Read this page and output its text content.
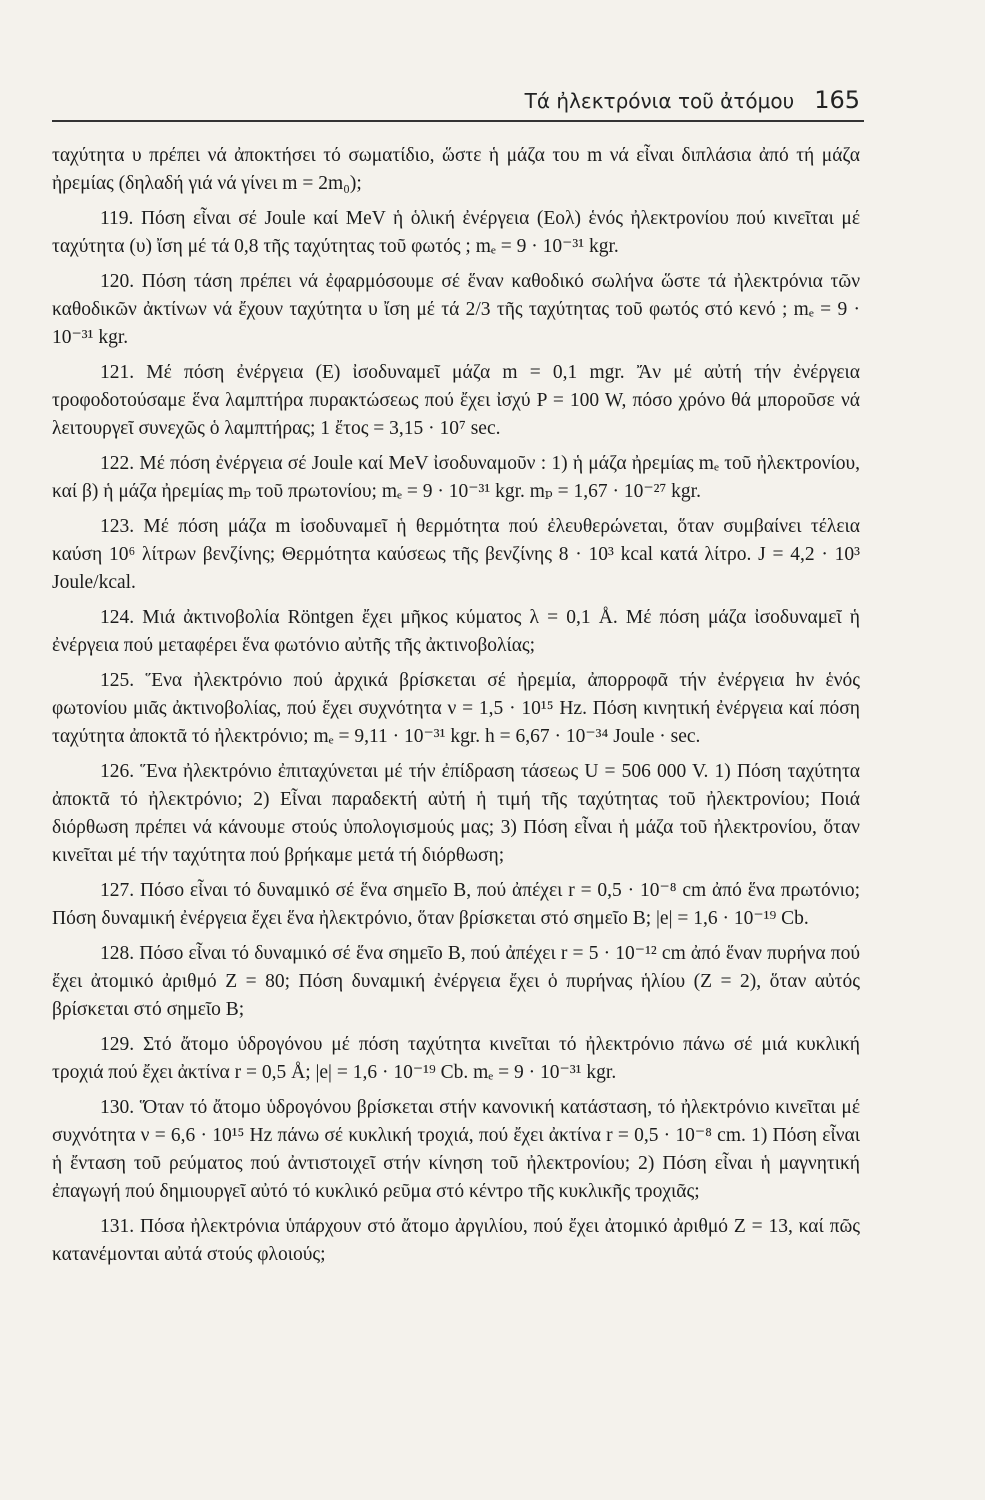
Τά ἠλεκτρόνια τοῦ ἀτόμου 165

ταχύτητα υ πρέπει νά ἀποκτήσει τό σωματίδιο, ὥστε ἡ μάζα του m νά εἶναι διπλάσια ἀπό τή μάζα ἠρεμίας (δηλαδή γιά νά γίνει m = 2m₀);

119. Πόση εἶναι σέ Joule καί MeV ἡ ὁλική ἐνέργεια (Eολ) ἑνός ἠλεκτρονίου πού κινεῖται μέ ταχύτητα (υ) ἴση μέ τά 0,8 τῆς ταχύτητας τοῦ φωτός ; mₑ = 9 · 10⁻³¹ kgr.

120. Πόση τάση πρέπει νά ἐφαρμόσουμε σέ ἕναν καθοδικό σωλήνα ὥστε τά ἠλεκτρόνια τῶν καθοδικῶν ἀκτίνων νά ἔχουν ταχύτητα υ ἴση μέ τά 2/3 τῆς ταχύτητας τοῦ φωτός στό κενό ; mₑ = 9 · 10⁻³¹ kgr.

121. Μέ πόση ἐνέργεια (E) ἰσοδυναμεῖ μάζα m = 0,1 mgr. Ἄν μέ αὐτή τήν ἐνέργεια τροφοδοτούσαμε ἕνα λαμπτήρα πυρακτώσεως πού ἔχει ἰσχύ P = 100 W, πόσο χρόνο θά μποροῦσε νά λειτουργεῖ συνεχῶς ὁ λαμπτήρας; 1 ἔτος = 3,15 · 10⁷ sec.

122. Μέ πόση ἐνέργεια σέ Joule καί MeV ἰσοδυναμοῦν : 1) ἡ μάζα ἠρεμίας mₑ τοῦ ἠλεκτρονίου, καί β) ἡ μάζα ἠρεμίας mₚ τοῦ πρωτονίου; mₑ = 9 · 10⁻³¹ kgr. mₚ = 1,67 · 10⁻²⁷ kgr.

123. Μέ πόση μάζα m ἰσοδυναμεῖ ἡ θερμότητα πού ἐλευθερώνεται, ὅταν συμβαίνει τέλεια καύση 10⁶ λίτρων βενζίνης; Θερμότητα καύσεως τῆς βενζίνης 8 · 10³ kcal κατά λίτρο. J = 4,2 · 10³ Joule/kcal.

124. Μιά ἀκτινοβολία Röntgen ἔχει μῆκος κύματος λ = 0,1 Å. Μέ πόση μάζα ἰσοδυναμεῖ ἡ ἐνέργεια πού μεταφέρει ἕνα φωτόνιο αὐτῆς τῆς ἀκτινοβολίας;

125. Ἕνα ἠλεκτρόνιο πού ἀρχικά βρίσκεται σέ ἠρεμία, ἀπορροφᾶ τήν ἐνέργεια hν ἑνός φωτονίου μιᾶς ἀκτινοβολίας, πού ἔχει συχνότητα ν = 1,5 · 10¹⁵ Hz. Πόση κινητική ἐνέργεια καί πόση ταχύτητα ἀποκτᾶ τό ἠλεκτρόνιο; mₑ = 9,11 · 10⁻³¹ kgr. h = 6,67 · 10⁻³⁴ Joule · sec.

126. Ἕνα ἠλεκτρόνιο ἐπιταχύνεται μέ τήν ἐπίδραση τάσεως U = 506 000 V. 1) Πόση ταχύτητα ἀποκτᾶ τό ἠλεκτρόνιο; 2) Εἶναι παραδεκτή αὐτή ἡ τιμή τῆς ταχύτητας τοῦ ἠλεκτρονίου; Ποιά διόρθωση πρέπει νά κάνουμε στούς ὑπολογισμούς μας; 3) Πόση εἶναι ἡ μάζα τοῦ ἠλεκτρονίου, ὅταν κινεῖται μέ τήν ταχύτητα πού βρήκαμε μετά τή διόρθωση;

127. Πόσο εἶναι τό δυναμικό σέ ἕνα σημεῖο B, πού ἀπέχει r = 0,5 · 10⁻⁸ cm ἀπό ἕνα πρωτόνιο; Πόση δυναμική ἐνέργεια ἔχει ἕνα ἠλεκτρόνιο, ὅταν βρίσκεται στό σημεῖο B; |e| = 1,6 · 10⁻¹⁹ Cb.

128. Πόσο εἶναι τό δυναμικό σέ ἕνα σημεῖο B, πού ἀπέχει r = 5 · 10⁻¹² cm ἀπό ἕναν πυρήνα πού ἔχει ἀτομικό ἀριθμό Z = 80; Πόση δυναμική ἐνέργεια ἔχει ὁ πυρήνας ἡλίου (Z = 2), ὅταν αὐτός βρίσκεται στό σημεῖο B;

129. Στό ἄτομο ὑδρογόνου μέ πόση ταχύτητα κινεῖται τό ἠλεκτρόνιο πάνω σέ μιά κυκλική τροχιά πού ἔχει ἀκτίνα r = 0,5 Å; |e| = 1,6 · 10⁻¹⁹ Cb. mₑ = 9 · 10⁻³¹ kgr.

130. Ὅταν τό ἄτομο ὑδρογόνου βρίσκεται στήν κανονική κατάσταση, τό ἠλεκτρόνιο κινεῖται μέ συχνότητα ν = 6,6 · 10¹⁵ Hz πάνω σέ κυκλική τροχιά, πού ἔχει ἀκτίνα r = 0,5 · 10⁻⁸ cm. 1) Πόση εἶναι ἡ ἔνταση τοῦ ρεύματος πού ἀντιστοιχεῖ στήν κίνηση τοῦ ἠλεκτρονίου; 2) Πόση εἶναι ἡ μαγνητική ἐπαγωγή πού δημιουργεῖ αὐτό τό κυκλικό ρεῦμα στό κέντρο τῆς κυκλικῆς τροχιᾶς;

131. Πόσα ἠλεκτρόνια ὑπάρχουν στό ἄτομο ἀργιλίου, πού ἔχει ἀτομικό ἀριθμό Z = 13, καί πῶς κατανέμονται αὐτά στούς φλοιούς;
